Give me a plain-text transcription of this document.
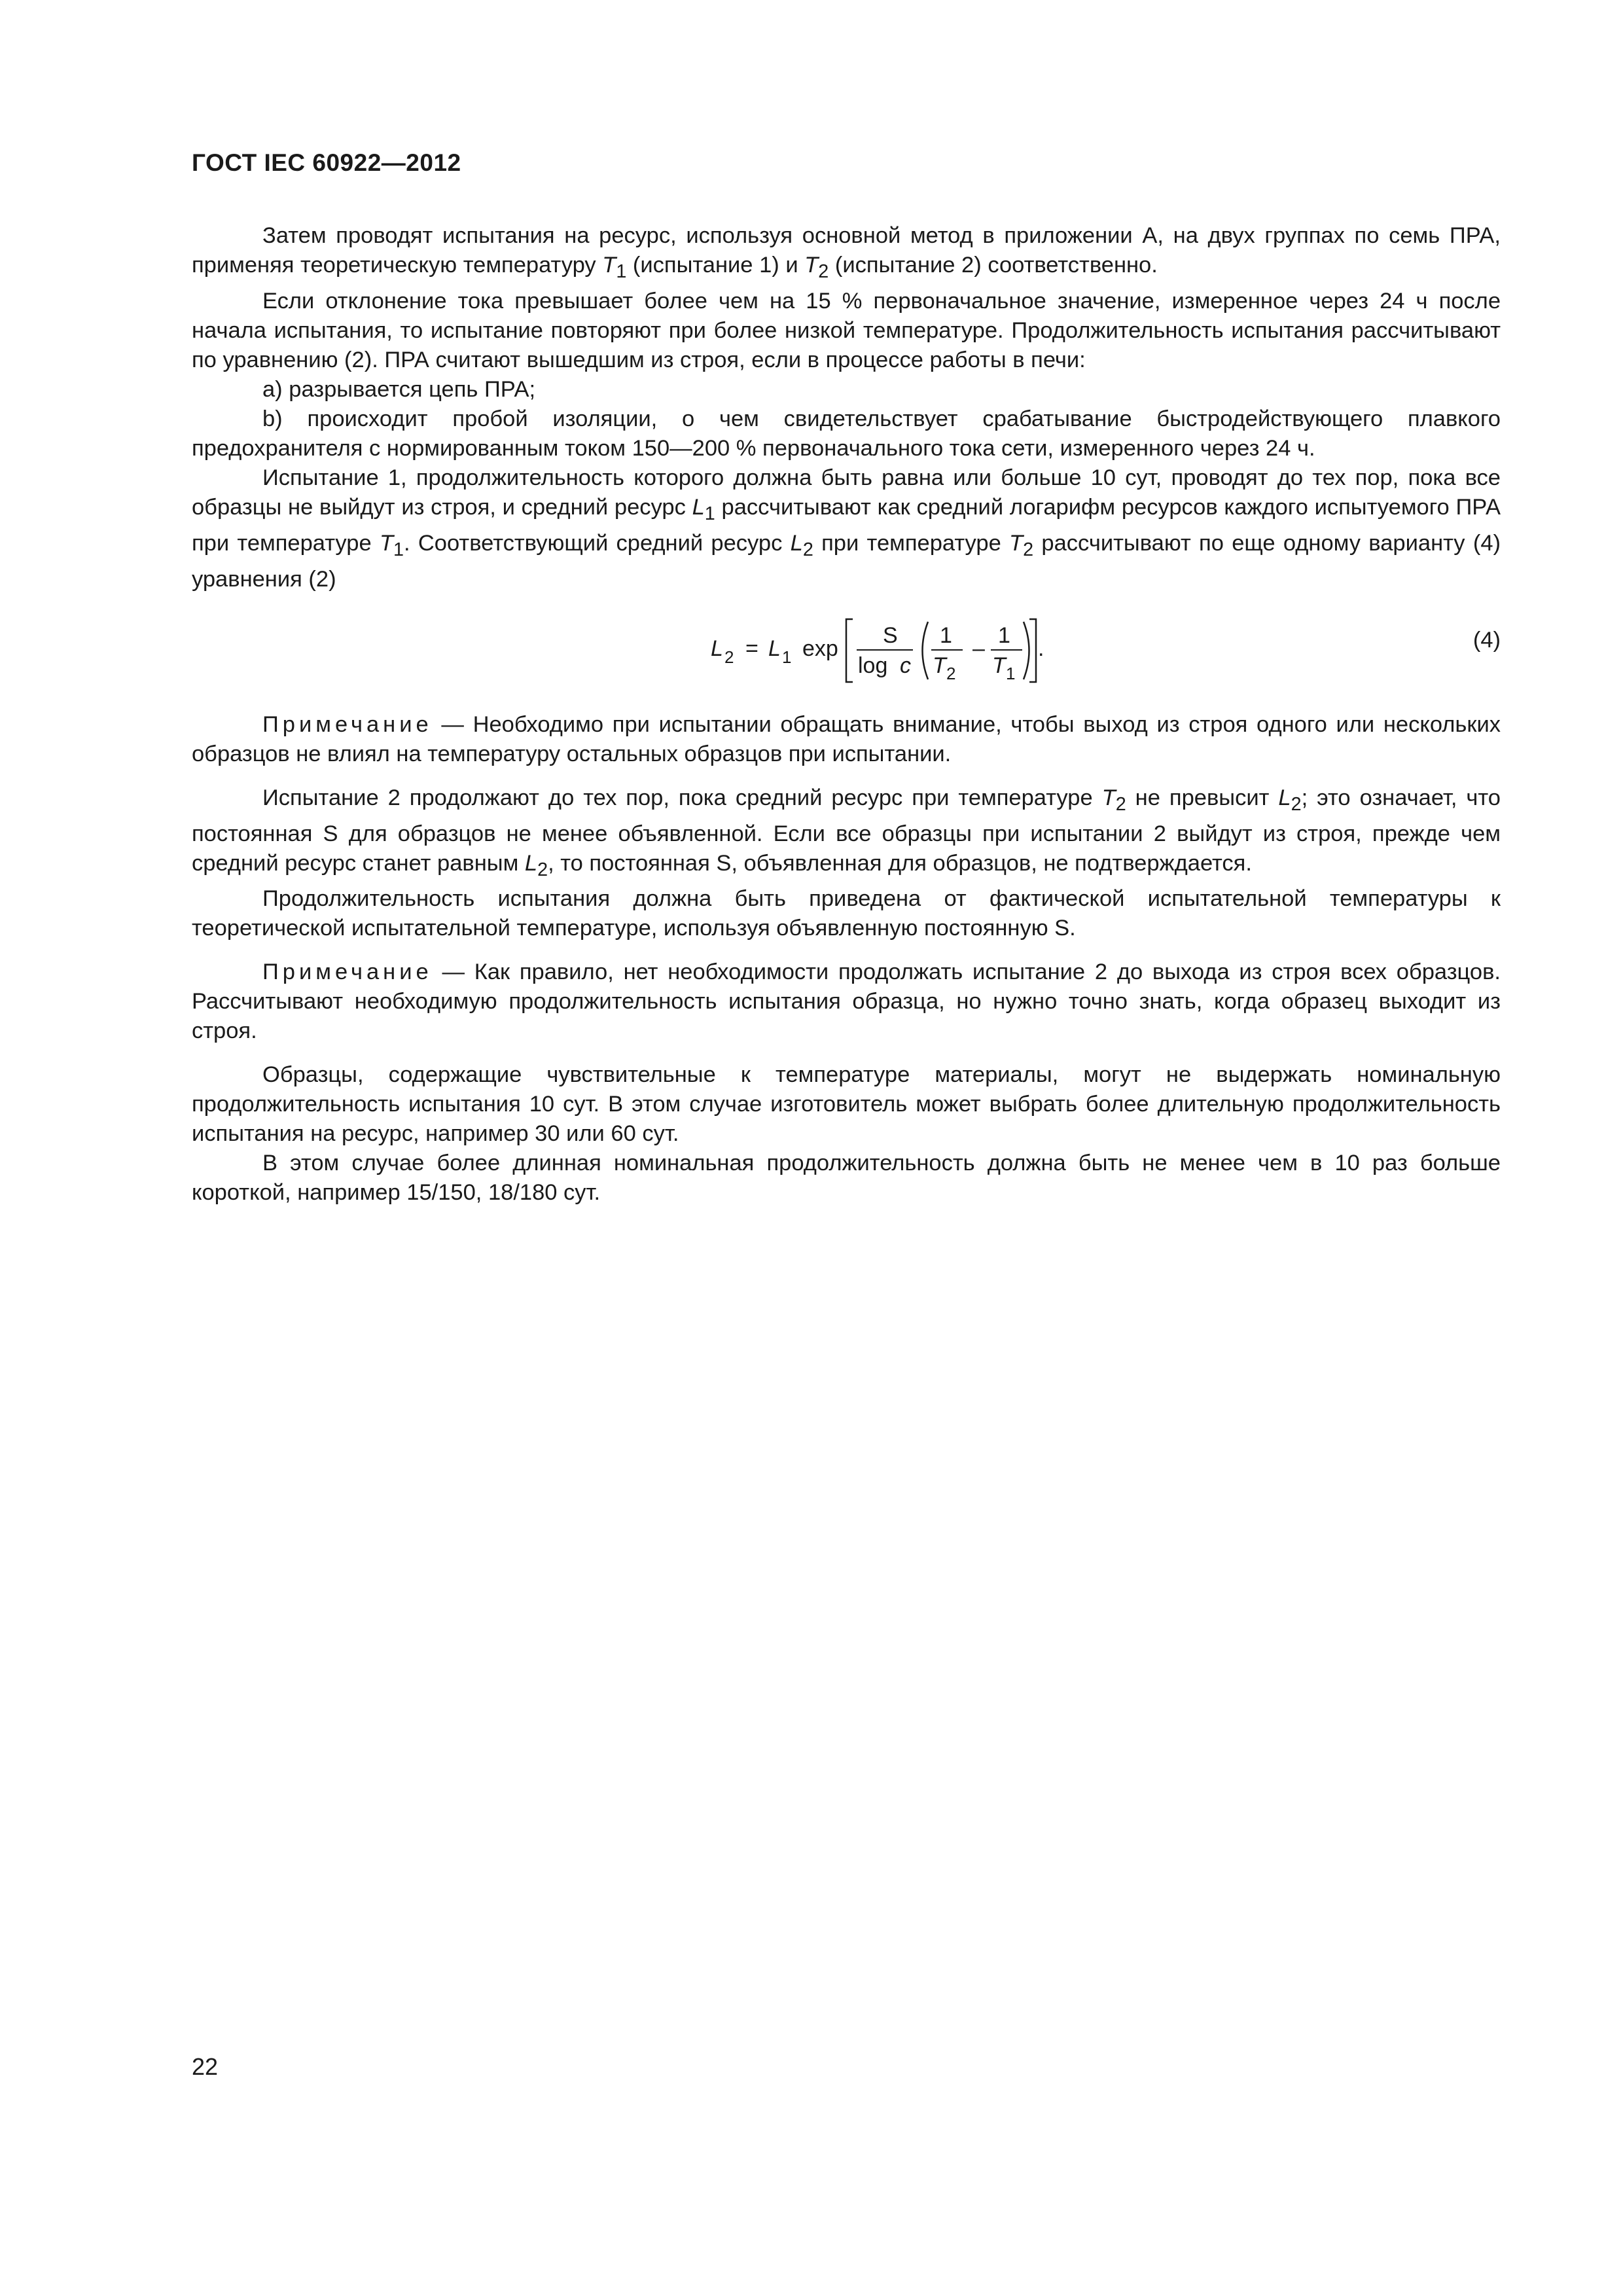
ГОСТ IEC 60922—2012

Затем проводят испытания на ресурс, используя основной метод в приложении А, на двух группах по семь ПРА, применяя теоретическую температуру $T_1$ (испытание 1) и $T_2$ (испытание 2) соответственно.

Если отклонение тока превышает более чем на 15 % первоначальное значение, измеренное через 24 ч после начала испытания, то испытание повторяют при более низкой температуре. Продолжительность испытания рассчитывают по уравнению (2). ПРА считают вышедшим из строя, если в процессе работы в печи:

a) разрывается цепь ПРА;

b) происходит пробой изоляции, о чем свидетельствует срабатывание быстродействующего плавкого предохранителя с нормированным током 150—200 % первоначального тока сети, измеренного через 24 ч.

Испытание 1, продолжительность которого должна быть равна или больше 10 сут, проводят до тех пор, пока все образцы не выйдут из строя, и средний ресурс $L_1$ рассчитывают как средний логарифм ресурсов каждого испытуемого ПРА при температуре $T_1$. Соответствующий средний ресурс $L_2$ при температуре $T_2$ рассчитывают по еще одному варианту (4) уравнения (2)

L 2 = L 1 exp
S
log c
1
T 2
–
1
T 1
.	(4)

Примечание — Необходимо при испытании обращать внимание, чтобы выход из строя одного или нескольких образцов не влиял на температуру остальных образцов при испытании.

Испытание 2 продолжают до тех пор, пока средний ресурс при температуре $T_2$ не превысит $L_2$; это означает, что постоянная S для образцов не менее объявленной. Если все образцы при испытании 2 выйдут из строя, прежде чем средний ресурс станет равным $L_2$, то постоянная S, объявленная для образцов, не подтверждается.

Продолжительность испытания должна быть приведена от фактической испытательной температуры к теоретической испытательной температуре, используя объявленную постоянную S.

Примечание — Как правило, нет необходимости продолжать испытание 2 до выхода из строя всех образцов. Рассчитывают необходимую продолжительность испытания образца, но нужно точно знать, когда образец выходит из строя.

Образцы, содержащие чувствительные к температуре материалы, могут не выдержать номинальную продолжительность испытания 10 сут. В этом случае изготовитель может выбрать более длительную продолжительность испытания на ресурс, например 30 или 60 сут.

В этом случае более длинная номинальная продолжительность должна быть не менее чем в 10 раз больше короткой, например 15/150, 18/180 сут.

22
